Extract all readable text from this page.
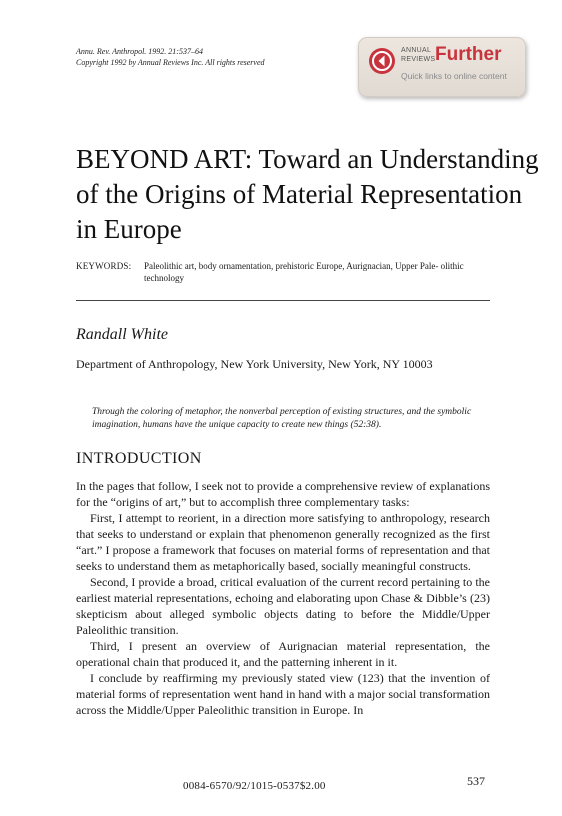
Annu. Rev. Anthropol. 1992. 21:537–64
Copyright 1992 by Annual Reviews Inc. All rights reserved
ANNUAL
REVIEWS Further
Quick links to online content
BEYOND ART: Toward an Understanding of the Origins of Material Representation in Europe
KEYWORDS: Paleolithic art, body ornamentation, prehistoric Europe, Aurignacian, Upper Pale- olithic technology
Randall White
Department of Anthropology, New York University, New York, NY 10003
Through the coloring of metaphor, the nonverbal perception of existing structures, and the symbolic imagination, humans have the unique capacity to create new things (52:38).
INTRODUCTION

In the pages that follow, I seek not to provide a comprehensive review of explanations for the “origins of art,” but to accomplish three complementary tasks:

First, I attempt to reorient, in a direction more satisfying to anthropology, research that seeks to understand or explain that phenomenon generally recognized as the first “art.” I propose a framework that focuses on material forms of representation and that seeks to understand them as metaphorically based, socially meaningful constructs.

Second, I provide a broad, critical evaluation of the current record pertaining to the earliest material representations, echoing and elaborating upon Chase & Dibble’s (23) skepticism about alleged symbolic objects dating to before the Middle/Upper Paleolithic transition.

Third, I present an overview of Aurignacian material representation, the operational chain that produced it, and the patterning inherent in it.

I conclude by reaffirming my previously stated view (123) that the invention of material forms of representation went hand in hand with a major social transformation across the Middle/Upper Paleolithic transition in Europe. In

537
0084-6570/92/1015-0537$2.00
